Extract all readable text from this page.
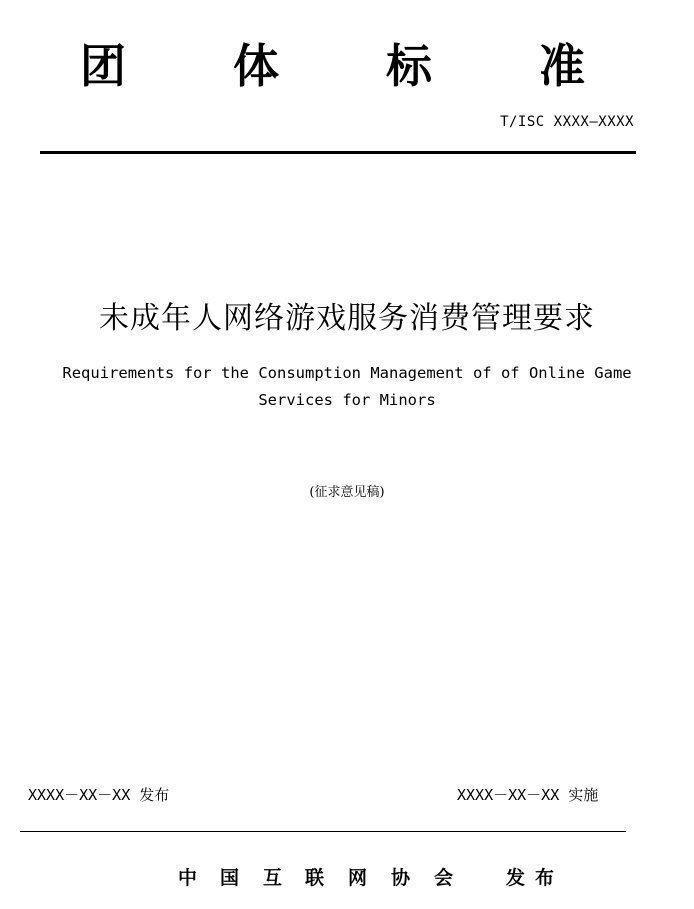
团 体 标 准
T/ISC XXXX—XXXX
未成年人网络游戏服务消费管理要求
Requirements for the Consumption Management of of Online Game
Services for Minors
(征求意见稿)
XXXX－XX－XX 发布	XXXX－XX－XX 实施
中 国 互 联 网 协 会	发 布
